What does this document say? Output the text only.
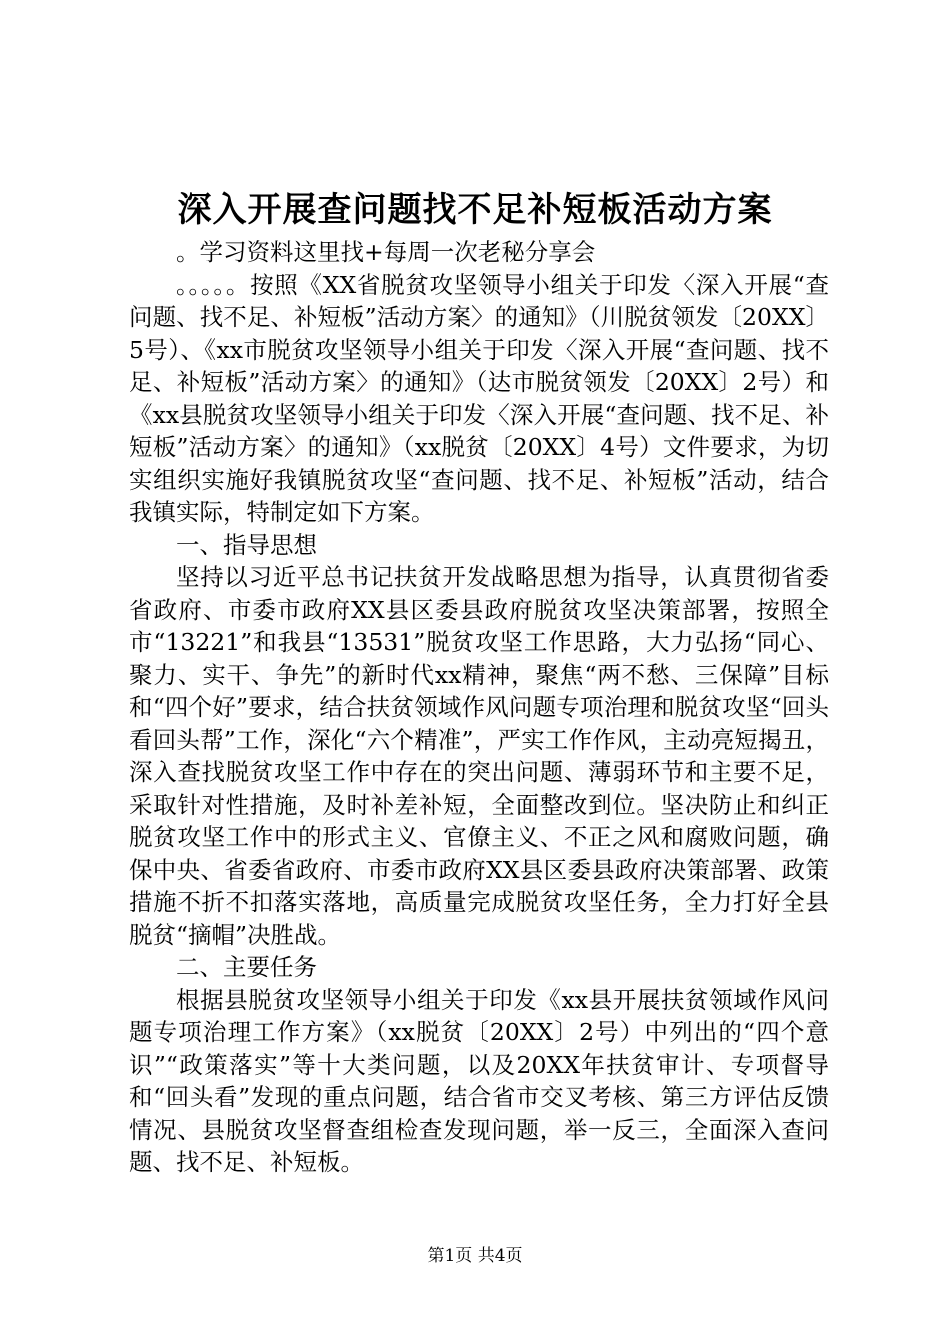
深入开展查问题找不足补短板活动方案

。学习资料这里找+每周一次老秘分享会

。。。。。按照《XX省脱贫攻坚领导小组关于印发〈深入开展“查问题、找不足、补短板”活动方案〉的通知》（川脱贫领发〔20XX〕5号）、《xx市脱贫攻坚领导小组关于印发〈深入开展“查问题、找不足、补短板”活动方案〉的通知》（达市脱贫领发〔20XX〕2号）和《xx县脱贫攻坚领导小组关于印发〈深入开展“查问题、找不足、补短板”活动方案〉的通知》（xx脱贫〔20XX〕4号）文件要求，为切实组织实施好我镇脱贫攻坚“查问题、找不足、补短板”活动，结合我镇实际，特制定如下方案。

一、指导思想

坚持以习近平总书记扶贫开发战略思想为指导，认真贯彻省委省政府、市委市政府XX县区委县政府脱贫攻坚决策部署，按照全市“13221”和我县“13531”脱贫攻坚工作思路，大力弘扬“同心、聚力、实干、争先”的新时代xx精神，聚焦“两不愁、三保障”目标和“四个好”要求，结合扶贫领域作风问题专项治理和脱贫攻坚“回头看回头帮”工作，深化“六个精准”，严实工作作风，主动亮短揭丑，深入查找脱贫攻坚工作中存在的突出问题、薄弱环节和主要不足，采取针对性措施，及时补差补短，全面整改到位。坚决防止和纠正脱贫攻坚工作中的形式主义、官僚主义、不正之风和腐败问题，确保中央、省委省政府、市委市政府XX县区委县政府决策部署、政策措施不折不扣落实落地，高质量完成脱贫攻坚任务，全力打好全县脱贫“摘帽”决胜战。

二、主要任务

根据县脱贫攻坚领导小组关于印发《xx县开展扶贫领域作风问题专项治理工作方案》（xx脱贫〔20XX〕2号）中列出的“四个意识”“政策落实”等十大类问题，以及20XX年扶贫审计、专项督导和“回头看”发现的重点问题，结合省市交叉考核、第三方评估反馈情况、县脱贫攻坚督查组检查发现问题，举一反三，全面深入查问题、找不足、补短板。

第1页 共4页
